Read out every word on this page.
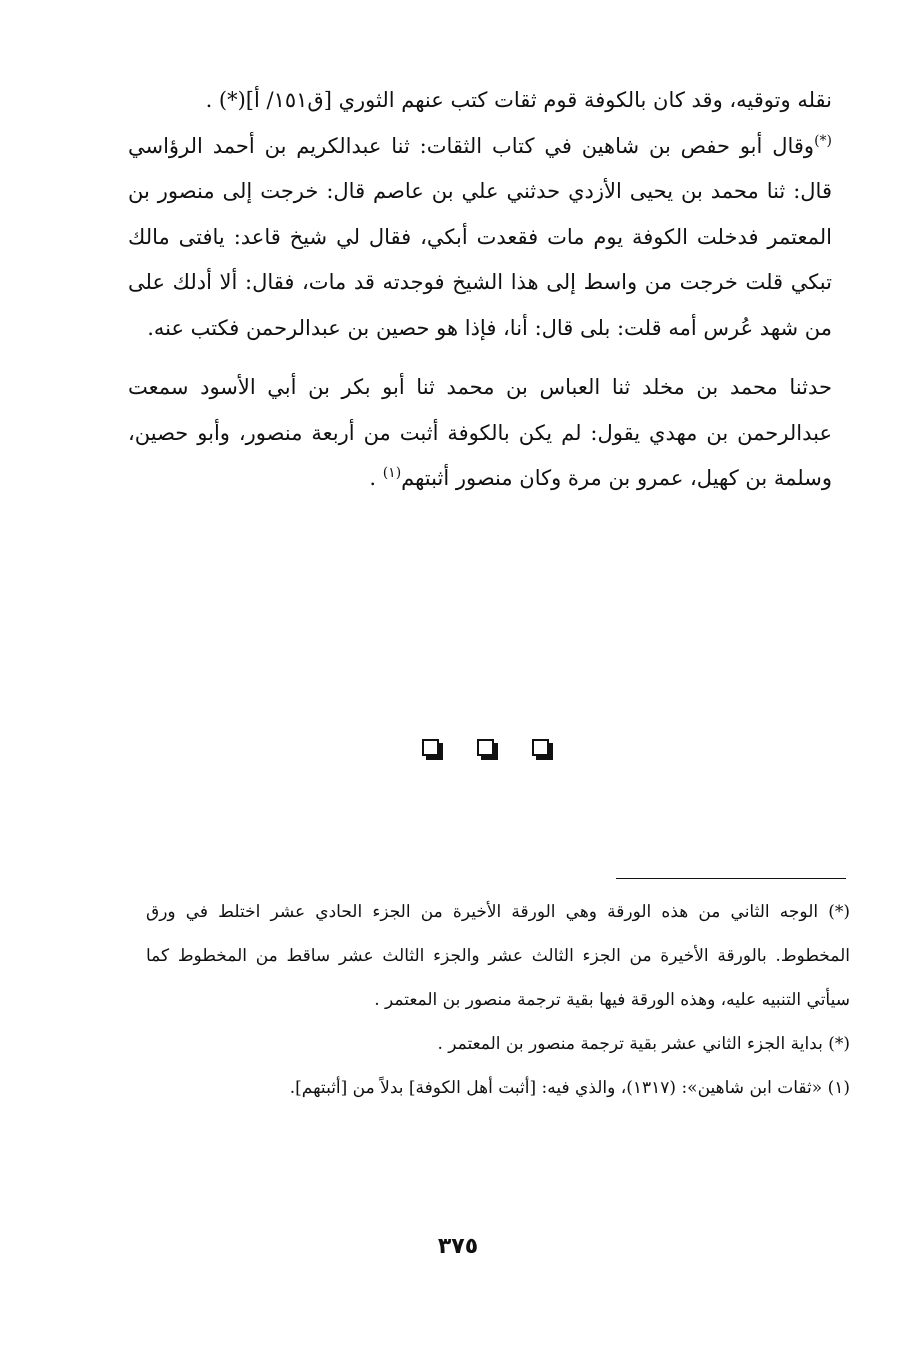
نقله وتوقيه، وقد كان بالكوفة قوم ثقات كتب عنهم الثوري [ق١٥١/ أ](*) .

(*)وقال أبو حفص بن شاهين في كتاب الثقات: ثنا عبدالكريم بن أحمد الرؤاسي قال: ثنا محمد بن يحيى الأزدي حدثني علي بن عاصم قال: خرجت إلى منصور بن المعتمر فدخلت الكوفة يوم مات فقعدت أبكي، فقال لي شيخ قاعد: يافتى مالك تبكي قلت خرجت من واسط إلى هذا الشيخ فوجدته قد مات، فقال: ألا أدلك على من شهد عُرس أمه قلت: بلى قال: أنا، فإذا هو حصين بن عبدالرحمن فكتب عنه.

حدثنا محمد بن مخلد ثنا العباس بن محمد ثنا أبو بكر بن أبي الأسود سمعت عبدالرحمن بن مهدي يقول: لم يكن بالكوفة أثبت من أربعة منصور، وأبو حصين، وسلمة بن كهيل، عمرو بن مرة وكان منصور أثبتهم$^{(١)}$ .

(*) الوجه الثاني من هذه الورقة وهي الورقة الأخيرة من الجزء الحادي عشر اختلط في ورق المخطوط. بالورقة الأخيرة من الجزء الثالث عشر والجزء الثالث عشر ساقط من المخطوط كما سيأتي التنبيه عليه، وهذه الورقة فيها بقية ترجمة منصور بن المعتمر .

(*) بداية الجزء الثاني عشر بقية ترجمة منصور بن المعتمر .

(١) «ثقات ابن شاهين»: (١٣١٧)، والذي فيه: [أثبت أهل الكوفة] بدلاً من [أثبتهم].

٣٧٥
